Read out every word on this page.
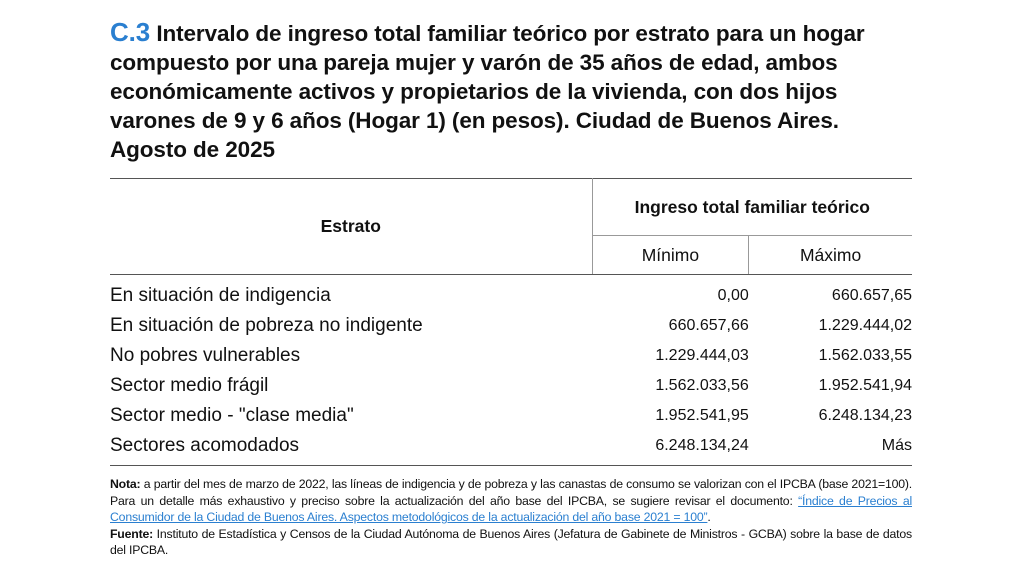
C.3 Intervalo de ingreso total familiar teórico por estrato para un hogar compuesto por una pareja mujer y varón de 35 años de edad, ambos económicamente activos y propietarios de la vivienda, con dos hijos varones de 9 y 6 años (Hogar 1) (en pesos). Ciudad de Buenos Aires. Agosto de 2025
Estrato	Ingreso total familiar teórico	
	Mínimo	Máximo
En situación de indigencia	0,00	660.657,65
En situación de pobreza no indigente	660.657,66	1.229.444,02
No pobres vulnerables	1.229.444,03	1.562.033,55
Sector medio frágil	1.562.033,56	1.952.541,94
Sector medio - "clase media"	1.952.541,95	6.248.134,23
Sectores acomodados	6.248.134,24	Más

Nota: a partir del mes de marzo de 2022, las líneas de indigencia y de pobreza y las canastas de consumo se valorizan con el IPCBA (base 2021=100). Para un detalle más exhaustivo y preciso sobre la actualización del año base del IPCBA, se sugiere revisar el documento: “Índice de Precios al Consumidor de la Ciudad de Buenos Aires. Aspectos metodológicos de la actualización del año base 2021 = 100”.

Fuente: Instituto de Estadística y Censos de la Ciudad Autónoma de Buenos Aires (Jefatura de Gabinete de Ministros - GCBA) sobre la base de datos del IPCBA.
